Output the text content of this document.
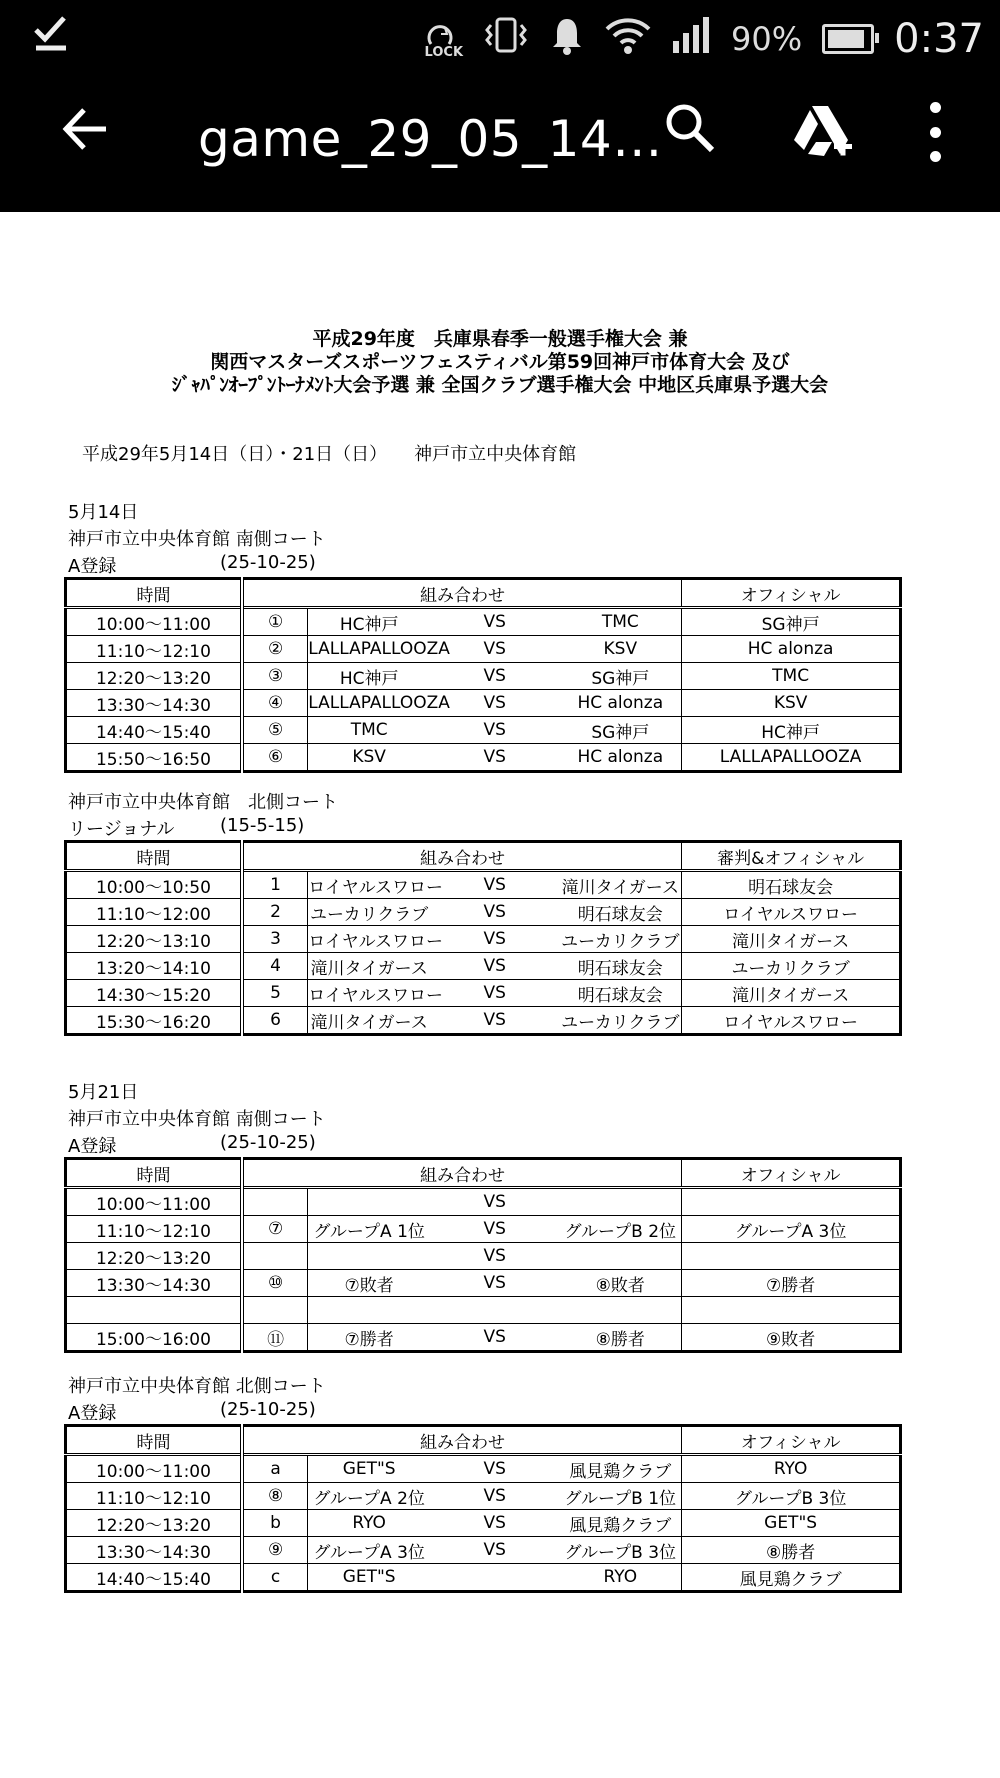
LOCK	90% 0:37
game_29_05_14…
平成29年度　兵庫県春季一般選手権大会 兼
関西マスターズスポーツフェスティバル第59回神戸市体育大会 及び
ｼﾞｬﾊﾟﾝｵｰﾌﾟﾝﾄｰﾅﾒﾝﾄ大会予選 兼 全国クラブ選手権大会 中地区兵庫県予選大会
平成29年5月14日（日）・21日（日）　　神戸市立中央体育館
5月14日
神戸市立中央体育館 南側コート
A登録	(25-10-25)
時間	組み合わせ				オフィシャル
10:00～11:00	①	HC神戸	VS	TMC	SG神戸
11:10～12:10	②	LALLAPALLOOZA	VS	KSV	HC alonza
12:20～13:20	③	HC神戸	VS	SG神戸	TMC
13:30～14:30	④	LALLAPALLOOZA	VS	HC alonza	KSV
14:40～15:40	⑤	TMC	VS	SG神戸	HC神戸
15:50～16:50	⑥	KSV	VS	HC alonza	LALLAPALLOOZA
神戸市立中央体育館　北側コート
リージョナル	(15-5-15)
時間	組み合わせ				審判&オフィシャル
10:00～10:50	1	ロイヤルスワロー	VS	滝川タイガース	明石球友会
11:10～12:00	2	ユーカリクラブ	VS	明石球友会	ロイヤルスワロー
12:20～13:10	3	ロイヤルスワロー	VS	ユーカリクラブ	滝川タイガース
13:20～14:10	4	滝川タイガース	VS	明石球友会	ユーカリクラブ
14:30～15:20	5	ロイヤルスワロー	VS	明石球友会	滝川タイガース
15:30～16:20	6	滝川タイガース	VS	ユーカリクラブ	ロイヤルスワロー
5月21日
神戸市立中央体育館 南側コート
A登録	(25-10-25)
時間	組み合わせ				オフィシャル
10:00～11:00			VS		
11:10～12:10	⑦	グループA 1位	VS	グループB 2位	グループA 3位
12:20～13:20			VS		
13:30～14:30	⑩	⑦敗者	VS	⑧敗者	⑦勝者

15:00～16:00	⑪	⑦勝者	VS	⑧勝者	⑨敗者
神戸市立中央体育館 北側コート
A登録	(25-10-25)
時間	組み合わせ				オフィシャル
10:00～11:00	a	GET"S	VS	風見鶏クラブ	RYO
11:10～12:10	⑧	グループA 2位	VS	グループB 1位	グループB 3位
12:20～13:20	b	RYO	VS	風見鶏クラブ	GET"S
13:30～14:30	⑨	グループA 3位	VS	グループB 3位	⑧勝者
14:40～15:40	c	GET"S		RYO	風見鶏クラブ
